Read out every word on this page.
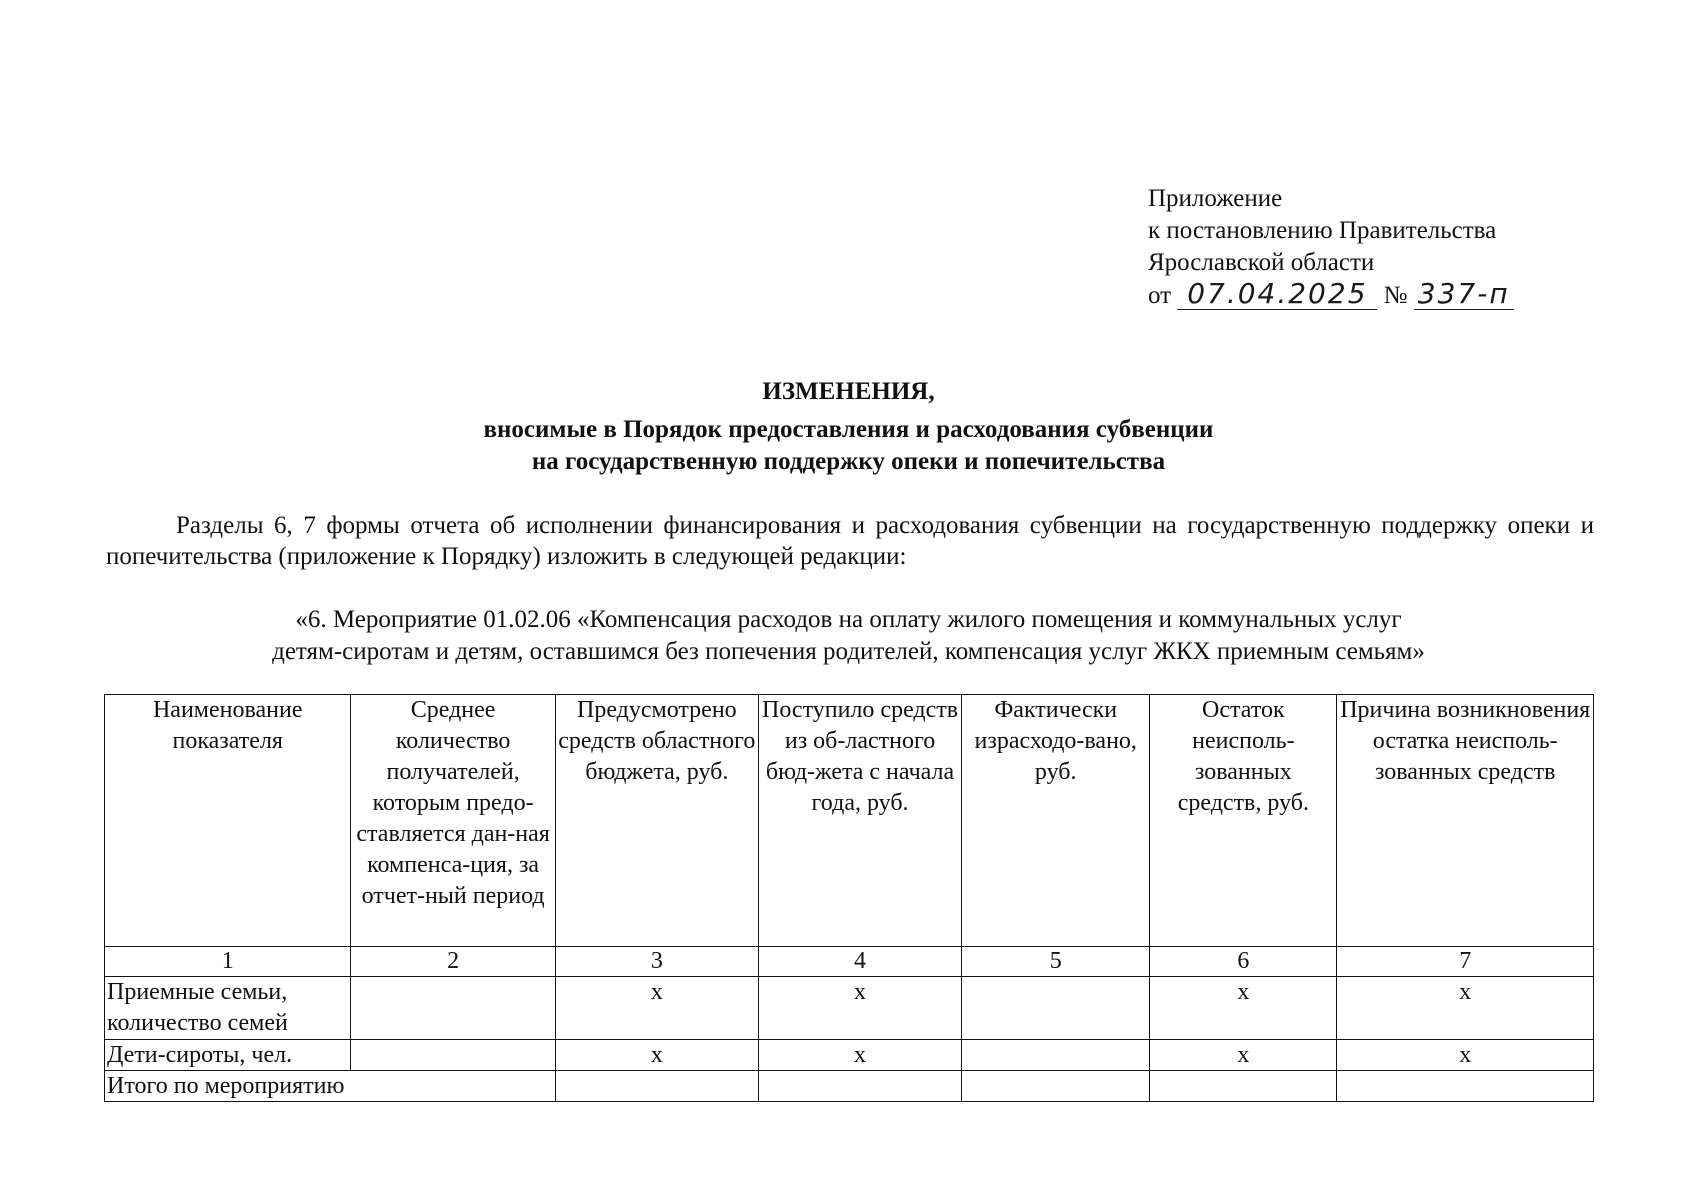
Приложение
к постановлению Правительства
Ярославской области
от 07.04.2025 № 337-п
ИЗМЕНЕНИЯ,
вносимые в Порядок предоставления и расходования субвенции
на государственную поддержку опеки и попечительства
Разделы 6, 7 формы отчета об исполнении финансирования и расходования субвенции на государственную поддержку опеки и попечительства (приложение к Порядку) изложить в следующей редакции:
«6. Мероприятие 01.02.06 «Компенсация расходов на оплату жилого помещения и коммунальных услуг
детям-сиротам и детям, оставшимся без попечения родителей, компенсация услуг ЖКХ приемным семьям»
Наименование показателя	Среднее количество получателей, которым предо-ставляется дан-ная компенса-ция, за отчет-ный период	Предусмотрено средств областного бюджета, руб.	Поступило средств из об-ластного бюд-жета с начала года, руб.	Фактически израсходо-вано, руб.	Остаток неисполь-зованных средств, руб.	Причина возникновения остатка неисполь-зованных средств
1	2	3	4	5	6	7
Приемные семьи, количество семей		x	x		x	x
Дети-сироты, чел.		x	x		x	x
Итого по мероприятию						
